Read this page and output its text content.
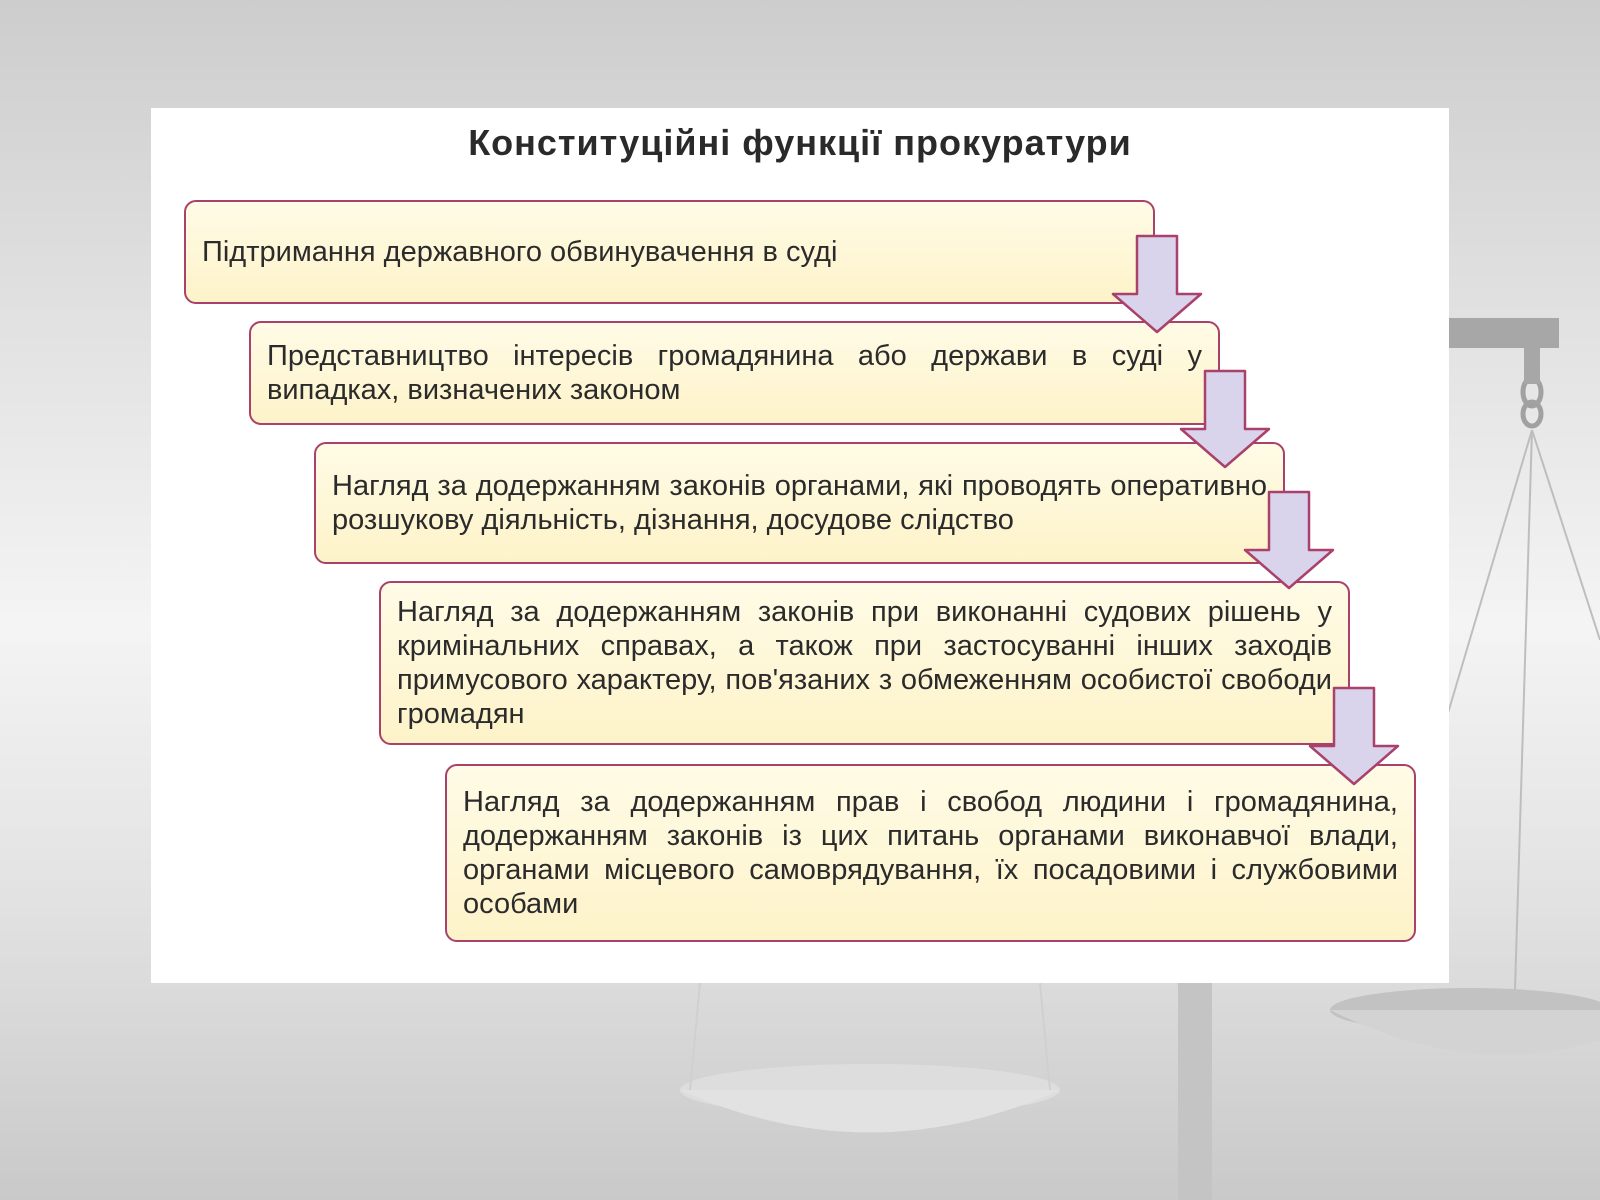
Конституційні функції прокуратури
Підтримання державного обвинувачення в суді
Представництво інтересів громадянина або держави в суді у випадках, визначених законом
Нагляд за додержанням законів органами, які проводять оперативно розшукову діяльність, дізнання, досудове слідство
Нагляд за додержанням законів при виконанні судових рішень у кримінальних справах, а також при застосуванні інших заходів примусового характеру, пов'язаних з обмеженням особистої свободи громадян
Нагляд за додержанням прав і свобод людини і громадянина, додержанням законів із цих питань органами виконавчої влади, органами місцевого самоврядування, їх посадовими і службовими особами
